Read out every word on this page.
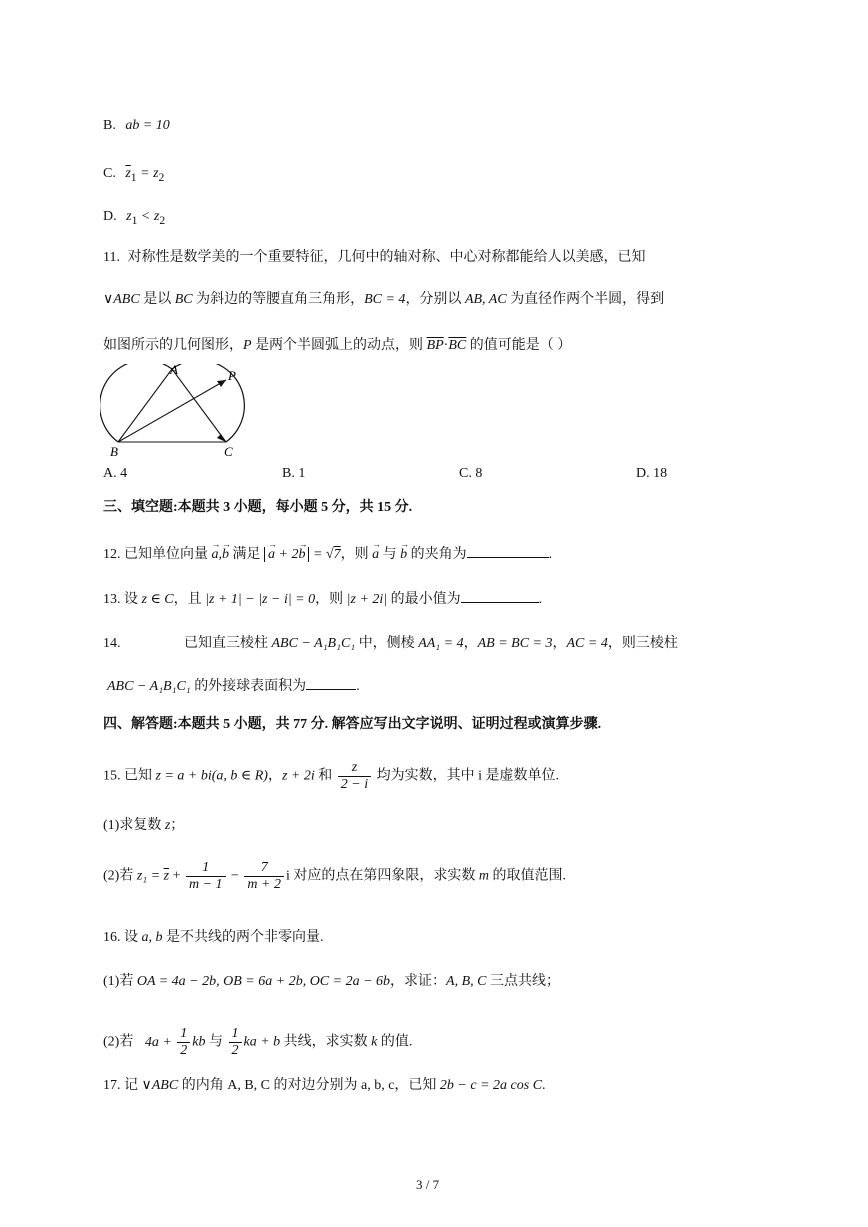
B. ab = 10
C. $\overline{z}_1 = z_2$
D. $z_1 < z_2$
11. 对称性是数学美的一个重要特征，几何中的轴对称、中心对称都能给人以美感，已知
∨ABC 是以 BC 为斜边的等腰直角三角形，BC = 4，分别以 AB, AC 为直径作两个半圆，得到
如图所示的几何图形，P 是两个半圆弧上的动点，则 $\overline{BP}\cdot\overline{BC}$ 的值可能是（ ）
A	P
B	C
A. 4	B. 1	C. 8	D. 18
三、填空题:本题共 3 小题，每小题 5 分，共 15 分.
12. 已知单位向量 → a,→ b 满足 → a + 2→ b = √7，则 → a 与 → b 的夹角为	.
13. 设 z ∈ C，且 |z + 1| − |z − i| = 0，则 |z + 2i| 的最小值为	.
14.	已知直三棱柱 ABC − A₁B₁C₁ 中，侧棱 AA₁ = 4，AB = BC = 3，AC = 4，则三棱柱
ABC − A₁B₁C₁ 的外接球表面积为	.
四、解答题:本题共 5 小题，共 77 分. 解答应写出文字说明、证明过程或演算步骤.
15. 已知 z = a + bi(a, b ∈ R)，z + 2i 和 $\frac{z}{2 - i}$ 均为实数，其中 i 是虚数单位.
(1)求复数 z；
(2)若 $z_1 = \overline{z} + \frac{1}{m - 1} - \frac{7}{m + 2}$ i 对应的点在第四象限，求实数 m 的取值范围.
16. 设 a, b 是不共线的两个非零向量.
(1)若 OA = 4a − 2b, OB = 6a + 2b, OC = 2a − 6b，求证：A, B, C 三点共线；
(2)若 $4a + \frac{1}{2}$ kb 与 $\frac{1}{2}$ ka + b 共线，求实数 k 的值.
17. 记 ∨ABC 的内角 A, B, C 的对边分别为 a, b, c，已知 2b − c = 2a cos C.
3 / 7
